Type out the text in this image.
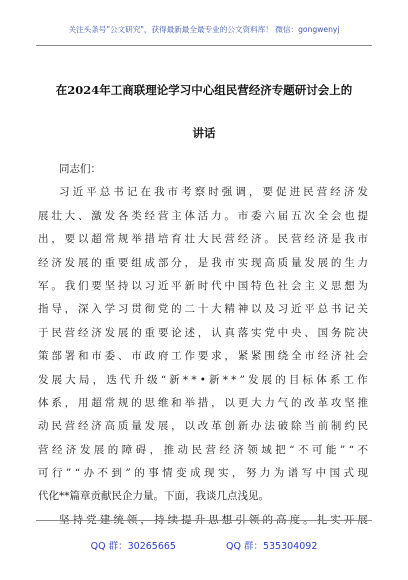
关注头条号"公文研究"，获得最新最全最专业的公文资料库！ 微信：gongwenyj
在2024年工商联理论学习中心组民营经济专题研讨会上的
讲话
同志们：
习 近 平 总 书 记 在 我 市 考 察 时 强 调 ， 要 促 进 民 营 经 济 发
展 壮 大 、 激 发 各 类 经 营 主 体 活 力 。 市 委 六 届 五 次 全 会 也 提
出 ， 要 以 超 常 规 举 措 培 育 壮 大 民 营 经 济 。 民 营 经 济 是 我 市
经 济 发 展 的 重 要 组 成 部 分 ， 是 我 市 实 现 高 质 量 发 展 的 生 力
军 。 我 们 要 坚 持 以 习 近 平 新 时 代 中 国 特 色 社 会 主 义 思 想 为
指 导 ， 深 入 学 习 贯 彻 党 的 二 十 大 精 神 以 及 习 近 平 总 书 记 关
于 民 营 经 济 发 展 的 重 要 论 述 ， 认 真 落 实 党 中 央 、 国 务 院 决
策 部 署 和 市 委 、 市 政 府 工 作 要 求 ， 紧 紧 围 绕 全 市 经 济 社 会
发 展 大 局 ， 迭 代 升 级 “ 新 * * • 新 * * ” 发 展 的 目 标 体 系 工 作
体 系 ， 用 超 常 规 的 思 维 和 举 措 ， 以 更 大 力 气 的 改 革 攻 坚 推
动 民 营 经 济 高 质 量 发 展 ， 以 改 革 创 新 办 法 破 除 当 前 制 约 民
营 经 济 发 展 的 障 碍 ， 推 动 民 营 经 济 领 域 把 “ 不 可 能 ” “ 不
可 行 ” “ 办 不 到 ” 的 事 情 变 成 现 实 ， 努 力 为 谱 写 中 国 式 现
代化**篇章贡献民企力量。下面，我谈几点浅见。
坚 持 党 建 统 领 ， 持 续 提 升 思 想 引 领 的 高 度 。 扎 实 开 展
QQ 群：30265665	QQ 群：535304092
